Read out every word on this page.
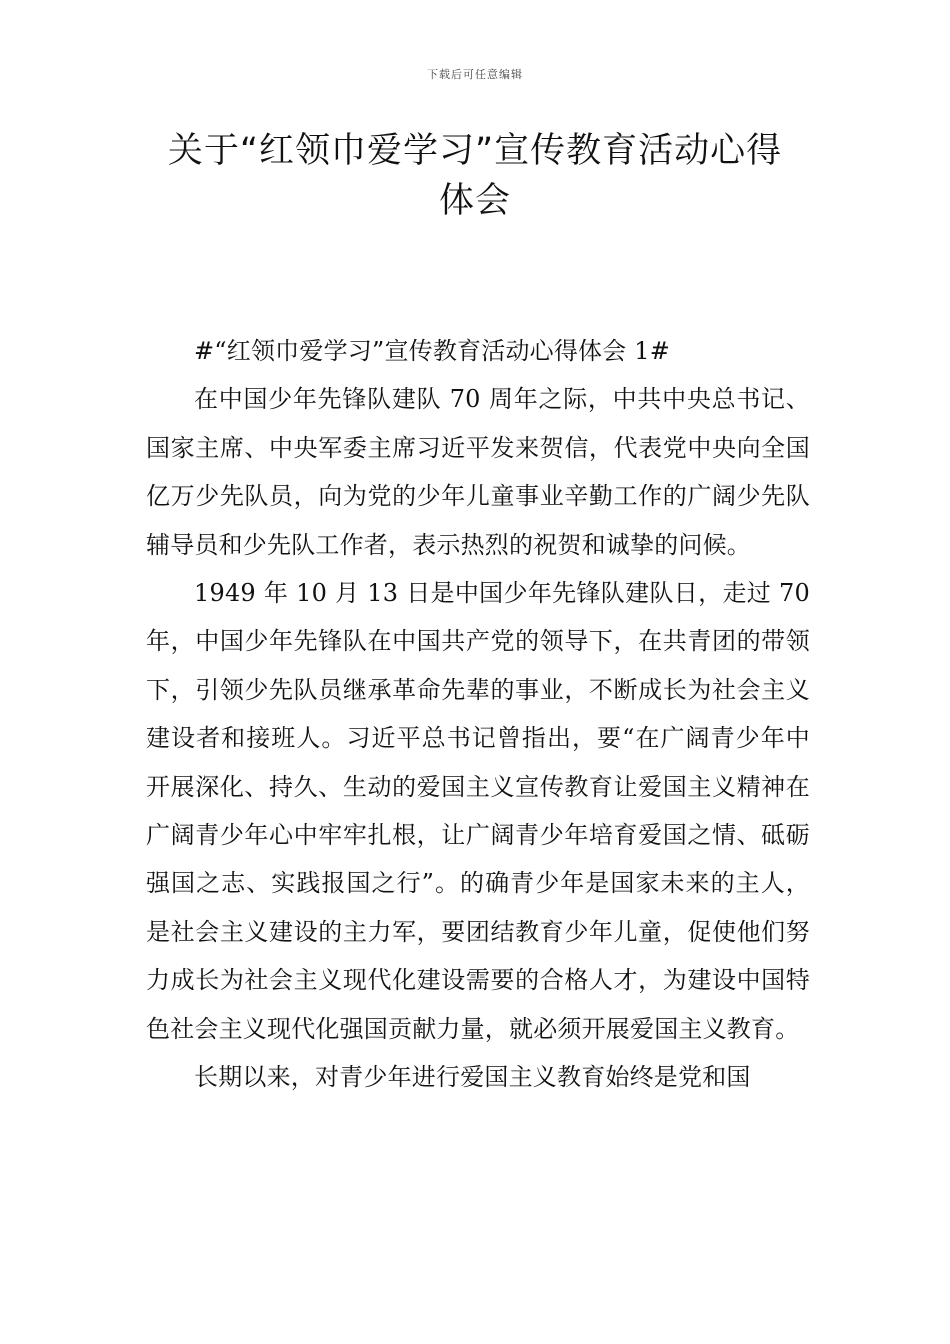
下载后可任意编辑
关于“红领巾爱学习”宣传教育活动心得
体会

#“红领巾爱学习”宣传教育活动心得体会 1#

在中国少年先锋队建队 70 周年之际，中共中央总书记、国家主席、中央军委主席习近平发来贺信，代表党中央向全国亿万少先队员，向为党的少年儿童事业辛勤工作的广阔少先队辅导员和少先队工作者，表示热烈的祝贺和诚挚的问候。

1949 年 10 月 13 日是中国少年先锋队建队日，走过 70 年，中国少年先锋队在中国共产党的领导下，在共青团的带领下，引领少先队员继承革命先辈的事业，不断成长为社会主义建设者和接班人。习近平总书记曾指出，要“在广阔青少年中开展深化、持久、生动的爱国主义宣传教育让爱国主义精神在广阔青少年心中牢牢扎根，让广阔青少年培育爱国之情、砥砺强国之志、实践报国之行”。的确青少年是国家未来的主人，是社会主义建设的主力军，要团结教育少年儿童，促使他们努力成长为社会主义现代化建设需要的合格人才，为建设中国特色社会主义现代化强国贡献力量，就必须开展爱国主义教育。

长期以来，对青少年进行爱国主义教育始终是党和国
